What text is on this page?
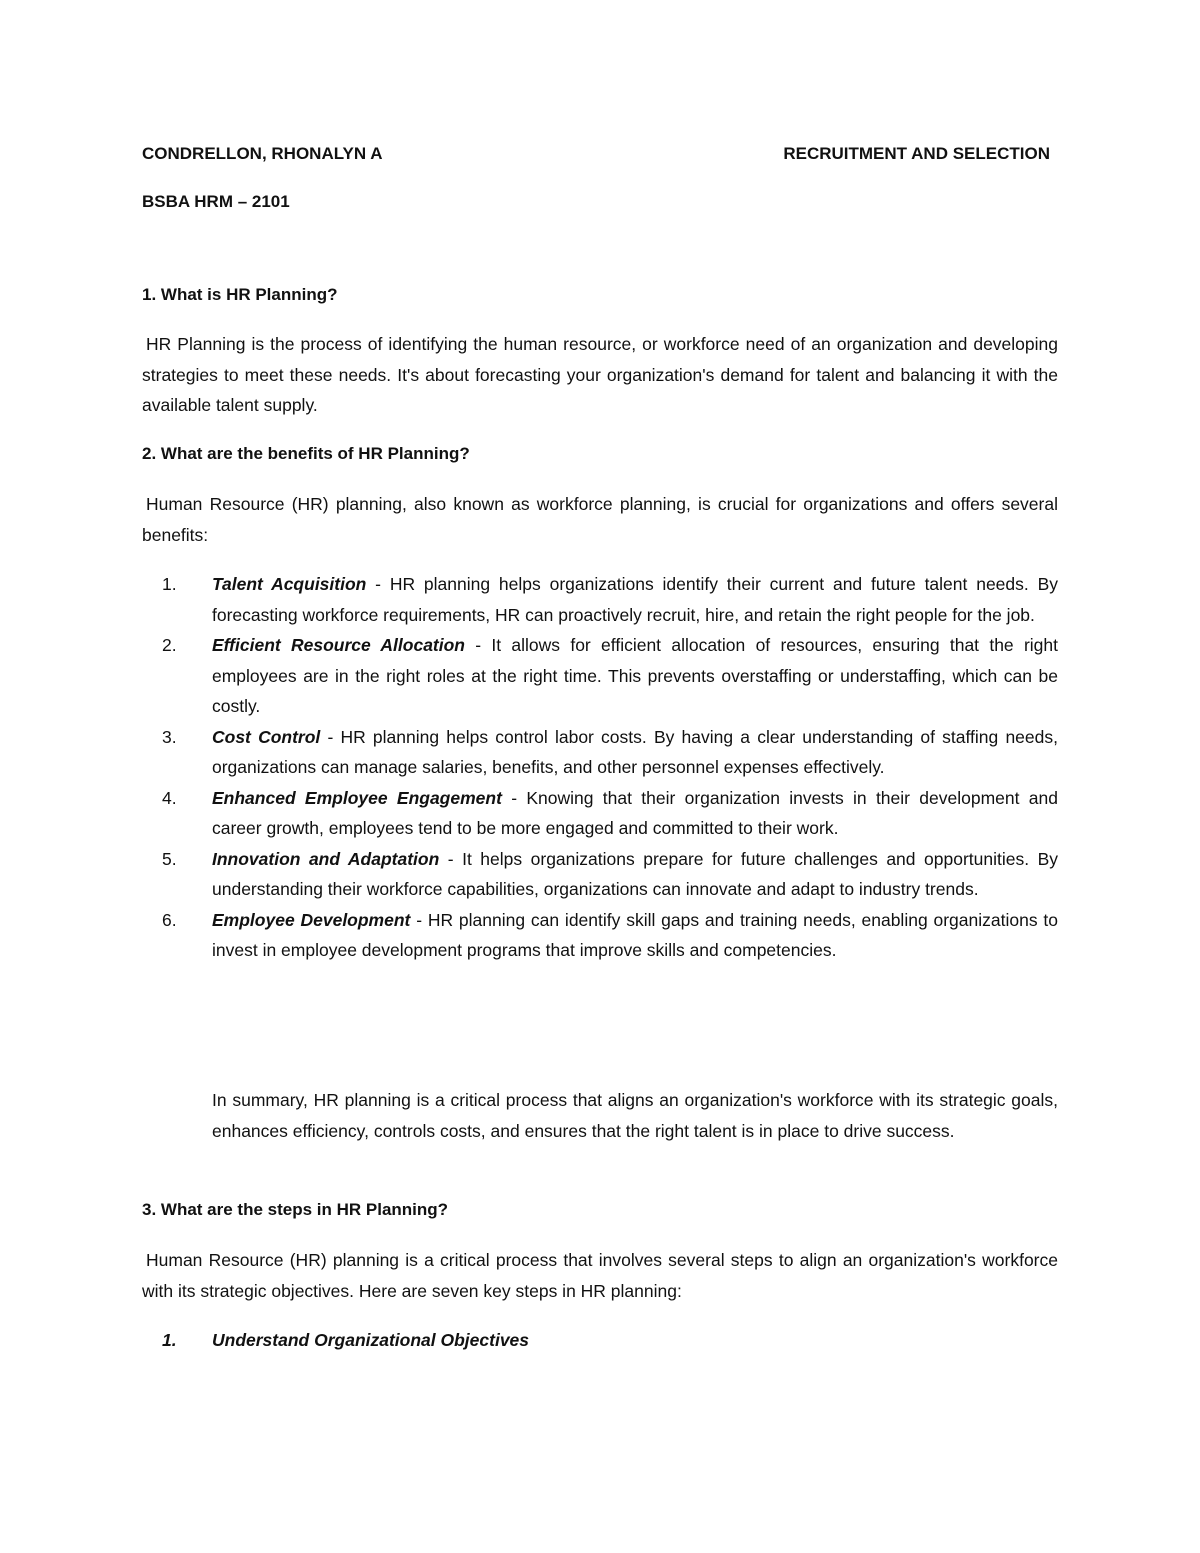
CONDRELLON, RHONALYN A	RECRUITMENT AND SELECTION
BSBA HRM – 2101
1. What is HR Planning?
HR Planning is the process of identifying the human resource, or workforce need of an organization and developing strategies to meet these needs. It's about forecasting your organization's demand for talent and balancing it with the available talent supply.
2. What are the benefits of HR Planning?
Human Resource (HR) planning, also known as workforce planning, is crucial for organizations and offers several benefits:
1. Talent Acquisition - HR planning helps organizations identify their current and future talent needs. By forecasting workforce requirements, HR can proactively recruit, hire, and retain the right people for the job.
2. Efficient Resource Allocation - It allows for efficient allocation of resources, ensuring that the right employees are in the right roles at the right time. This prevents overstaffing or understaffing, which can be costly.
3. Cost Control - HR planning helps control labor costs. By having a clear understanding of staffing needs, organizations can manage salaries, benefits, and other personnel expenses effectively.
4. Enhanced Employee Engagement - Knowing that their organization invests in their development and career growth, employees tend to be more engaged and committed to their work.
5. Innovation and Adaptation - It helps organizations prepare for future challenges and opportunities. By understanding their workforce capabilities, organizations can innovate and adapt to industry trends.
6. Employee Development - HR planning can identify skill gaps and training needs, enabling organizations to invest in employee development programs that improve skills and competencies.
In summary, HR planning is a critical process that aligns an organization's workforce with its strategic goals, enhances efficiency, controls costs, and ensures that the right talent is in place to drive success.
3. What are the steps in HR Planning?
Human Resource (HR) planning is a critical process that involves several steps to align an organization's workforce with its strategic objectives. Here are seven key steps in HR planning:
1. Understand Organizational Objectives
